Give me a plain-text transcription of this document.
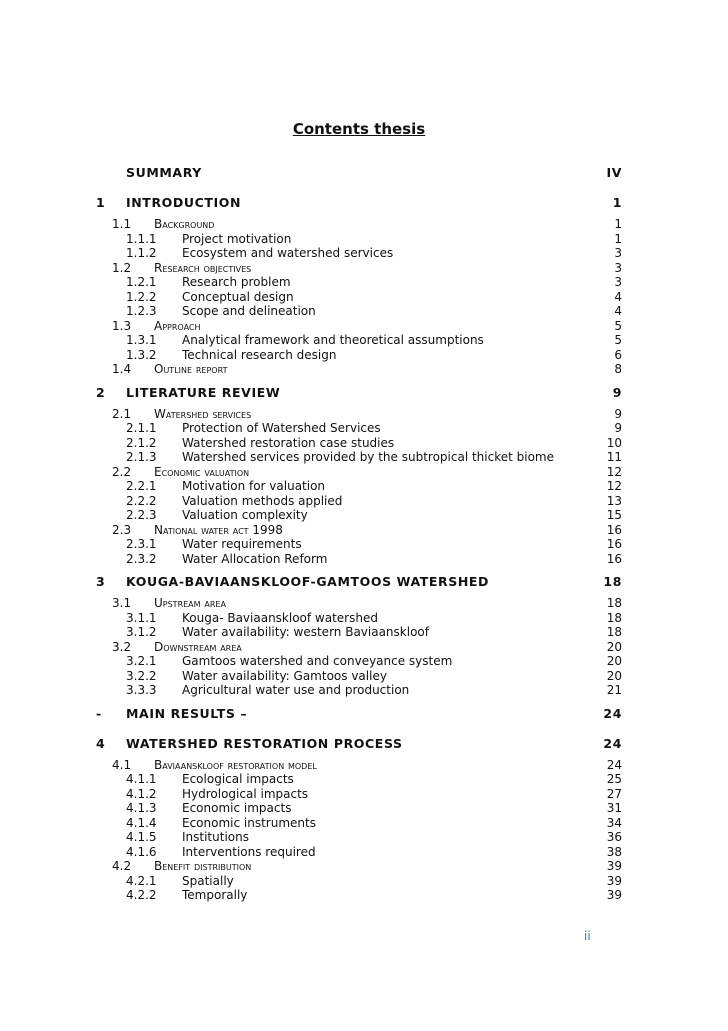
Contents thesis
SUMMARY	IV
1 INTRODUCTION	1
1.1 Background	1
1.1.1 Project motivation	1
1.1.2 Ecosystem and watershed services	3
1.2 Research objectives	3
1.2.1 Research problem	3
1.2.2 Conceptual design	4
1.2.3 Scope and delineation	4
1.3 Approach	5
1.3.1 Analytical framework and theoretical assumptions	5
1.3.2 Technical research design	6
1.4 Outline report	8
2 LITERATURE REVIEW	9
2.1 Watershed services	9
2.1.1 Protection of Watershed Services	9
2.1.2 Watershed restoration case studies	10
2.1.3 Watershed services provided by the subtropical thicket biome	11
2.2 Economic valuation	12
2.2.1 Motivation for valuation	12
2.2.2 Valuation methods applied	13
2.2.3 Valuation complexity	15
2.3 National water act 1998	16
2.3.1 Water requirements	16
2.3.2 Water Allocation Reform	16
3 KOUGA-BAVIAANSKLOOF-GAMTOOS WATERSHED	18
3.1 Upstream area	18
3.1.1 Kouga- Baviaanskloof watershed	18
3.1.2 Water availability: western Baviaanskloof	18
3.2 Downstream area	20
3.2.1 Gamtoos watershed and conveyance system	20
3.2.2 Water availability: Gamtoos valley	20
3.3.3 Agricultural water use and production	21
- MAIN RESULTS –	24
4 WATERSHED RESTORATION PROCESS	24
4.1 Baviaanskloof restoration model	24
4.1.1 Ecological impacts	25
4.1.2 Hydrological impacts	27
4.1.3 Economic impacts	31
4.1.4 Economic instruments	34
4.1.5 Institutions	36
4.1.6 Interventions required	38
4.2 Benefit distribution	39
4.2.1 Spatially	39
4.2.2 Temporally	39
ii
